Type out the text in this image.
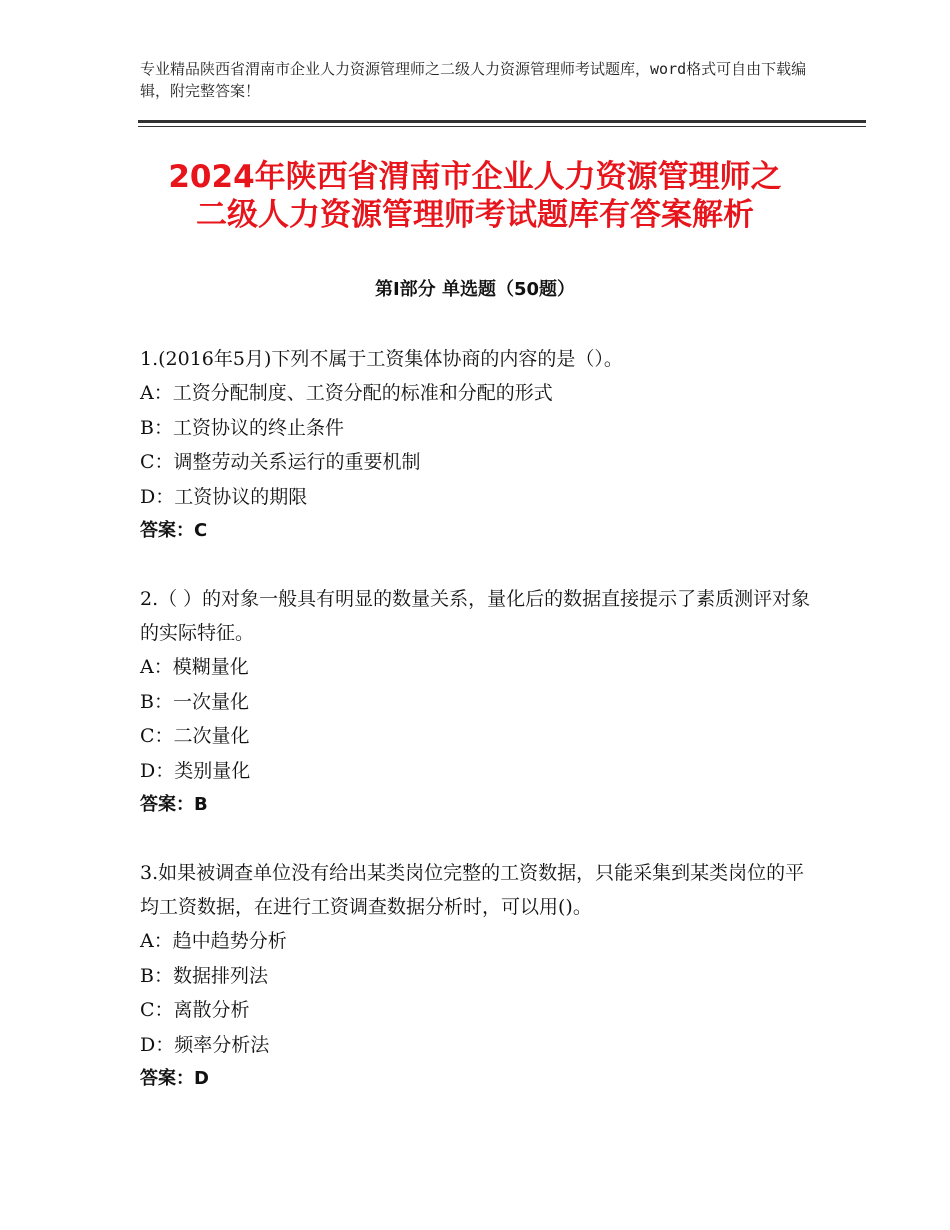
专业精品陕西省渭南市企业人力资源管理师之二级人力资源管理师考试题库，word格式可自由下载编辑，附完整答案！
2024年陕西省渭南市企业人力资源管理师之
二级人力资源管理师考试题库有答案解析
第Ⅰ部分 单选题（50题）

1.(2016年5月)下列不属于工资集体协商的内容的是（）。

A：工资分配制度、工资分配的标准和分配的形式

B：工资协议的终止条件

C：调整劳动关系运行的重要机制

D：工资协议的期限

答案：C

2.（ ）的对象一般具有明显的数量关系，量化后的数据直接提示了素质测评对象的实际特征。

A：模糊量化

B：一次量化

C：二次量化

D：类别量化

答案：B

3.如果被调查单位没有给出某类岗位完整的工资数据，只能采集到某类岗位的平均工资数据，在进行工资调查数据分析时，可以用()。

A：趋中趋势分析

B：数据排列法

C：离散分析

D：频率分析法

答案：D
